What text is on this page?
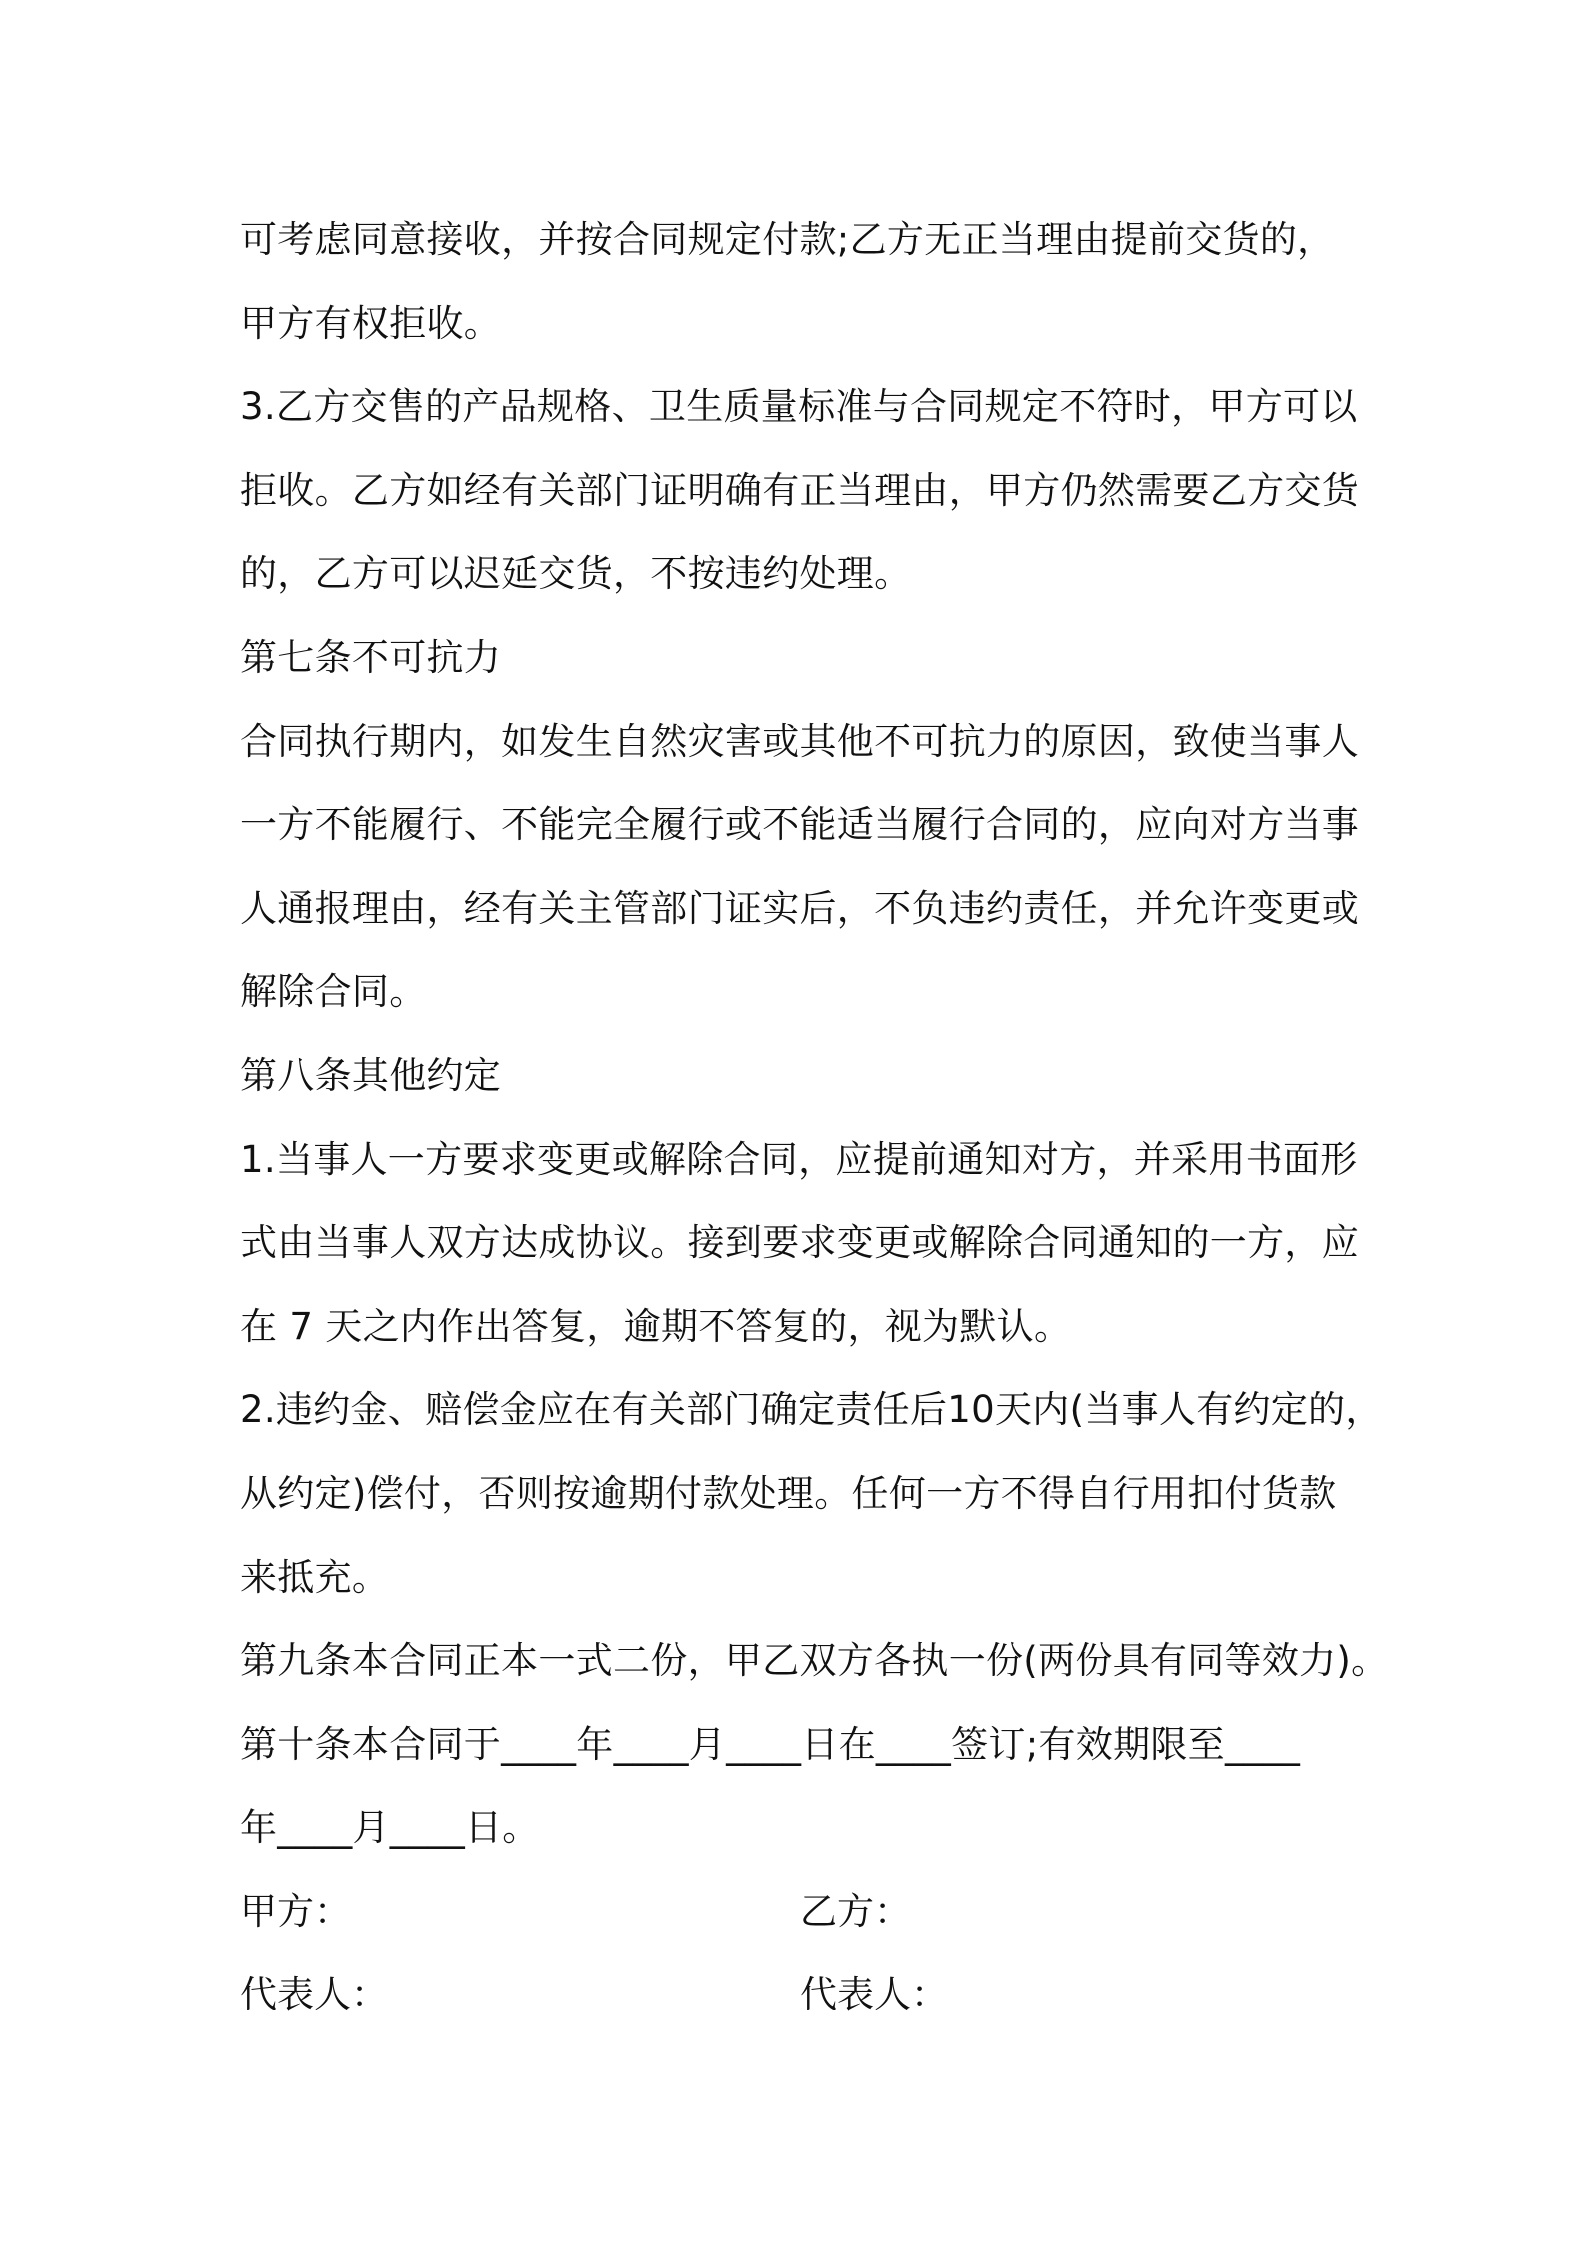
可考虑同意接收，并按合同规定付款;乙方无正当理由提前交货的，
甲方有权拒收。
3.乙方交售的产品规格、卫生质量标准与合同规定不符时，甲方可以
拒收。乙方如经有关部门证明确有正当理由，甲方仍然需要乙方交货
的，乙方可以迟延交货，不按违约处理。
第七条不可抗力
合同执行期内，如发生自然灾害或其他不可抗力的原因，致使当事人
一方不能履行、不能完全履行或不能适当履行合同的，应向对方当事
人通报理由，经有关主管部门证实后，不负违约责任，并允许变更或
解除合同。
第八条其他约定
1.当事人一方要求变更或解除合同，应提前通知对方，并采用书面形
式由当事人双方达成协议。接到要求变更或解除合同通知的一方，应
在 7 天之内作出答复，逾期不答复的，视为默认。
2.违约金、赔偿金应在有关部门确定责任后10天内(当事人有约定的，
从约定)偿付，否则按逾期付款处理。任何一方不得自行用扣付货款
来抵充。
第九条本合同正本一式二份，甲乙双方各执一份(两份具有同等效力)。
第十条本合同于____年____月____日在____签订;有效期限至____
年____月____日。
甲方：	乙方：
代表人：	代表人：
